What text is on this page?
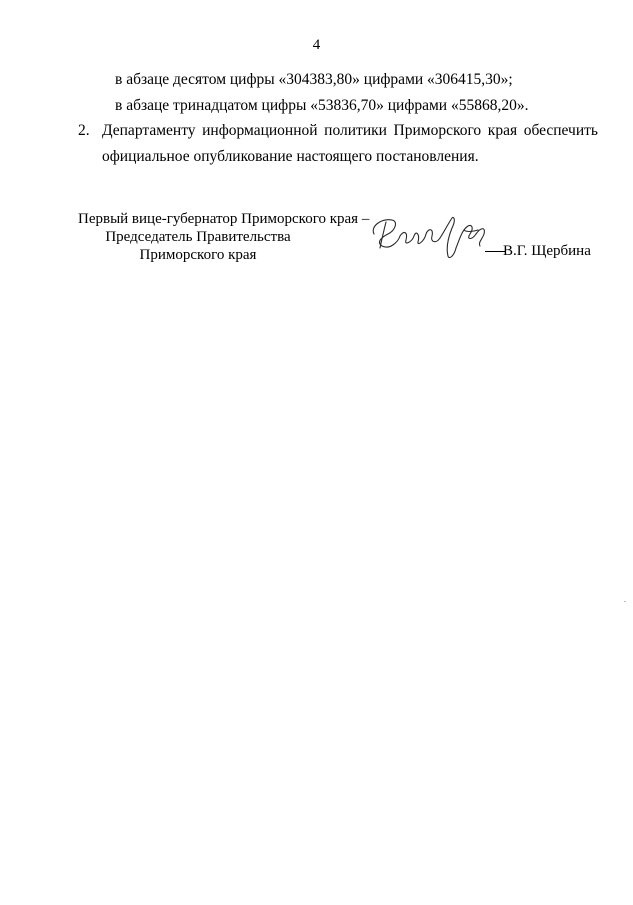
4
в абзаце десятом цифры «304383,80» цифрами «306415,30»;
в абзаце тринадцатом цифры «53836,70» цифрами «55868,20».
2. Департаменту информационной политики Приморского края обеспечить
официальное опубликование настоящего постановления.
Первый вице-губернатор Приморского края –
Председатель Правительства
Приморского края	В.Г. Щербина
